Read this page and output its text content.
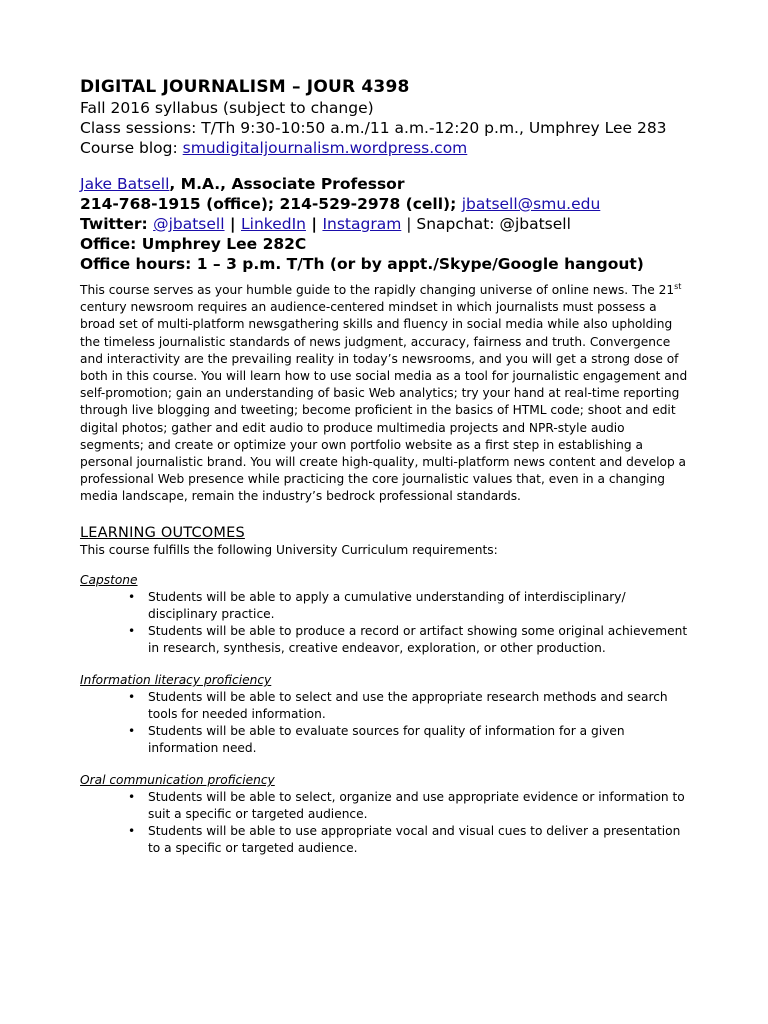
DIGITAL JOURNALISM – JOUR 4398
Fall 2016 syllabus (subject to change)
Class sessions: T/Th 9:30-10:50 a.m./11 a.m.-12:20 p.m., Umphrey Lee 283
Course blog: smudigitaljournalism.wordpress.com
Jake Batsell, M.A., Associate Professor
214-768-1915 (office); 214-529-2978 (cell); jbatsell@smu.edu
Twitter: @jbatsell | LinkedIn | Instagram | Snapchat: @jbatsell
Office: Umphrey Lee 282C
Office hours: 1 – 3 p.m. T/Th (or by appt./Skype/Google hangout)
This course serves as your humble guide to the rapidly changing universe of online news. The 21st century newsroom requires an audience-centered mindset in which journalists must possess a broad set of multi-platform newsgathering skills and fluency in social media while also upholding the timeless journalistic standards of news judgment, accuracy, fairness and truth. Convergence and interactivity are the prevailing reality in today’s newsrooms, and you will get a strong dose of both in this course. You will learn how to use social media as a tool for journalistic engagement and self-promotion; gain an understanding of basic Web analytics; try your hand at real-time reporting through live blogging and tweeting; become proficient in the basics of HTML code; shoot and edit digital photos; gather and edit audio to produce multimedia projects and NPR-style audio segments; and create or optimize your own portfolio website as a first step in establishing a personal journalistic brand. You will create high-quality, multi-platform news content and develop a professional Web presence while practicing the core journalistic values that, even in a changing media landscape, remain the industry’s bedrock professional standards.
LEARNING OUTCOMES
This course fulfills the following University Curriculum requirements:
Capstone
• Students will be able to apply a cumulative understanding of interdisciplinary/ disciplinary practice.
• Students will be able to produce a record or artifact showing some original achievement in research, synthesis, creative endeavor, exploration, or other production.
Information literacy proficiency
• Students will be able to select and use the appropriate research methods and search tools for needed information.
• Students will be able to evaluate sources for quality of information for a given information need.
Oral communication proficiency
• Students will be able to select, organize and use appropriate evidence or information to suit a specific or targeted audience.
• Students will be able to use appropriate vocal and visual cues to deliver a presentation to a specific or targeted audience.
